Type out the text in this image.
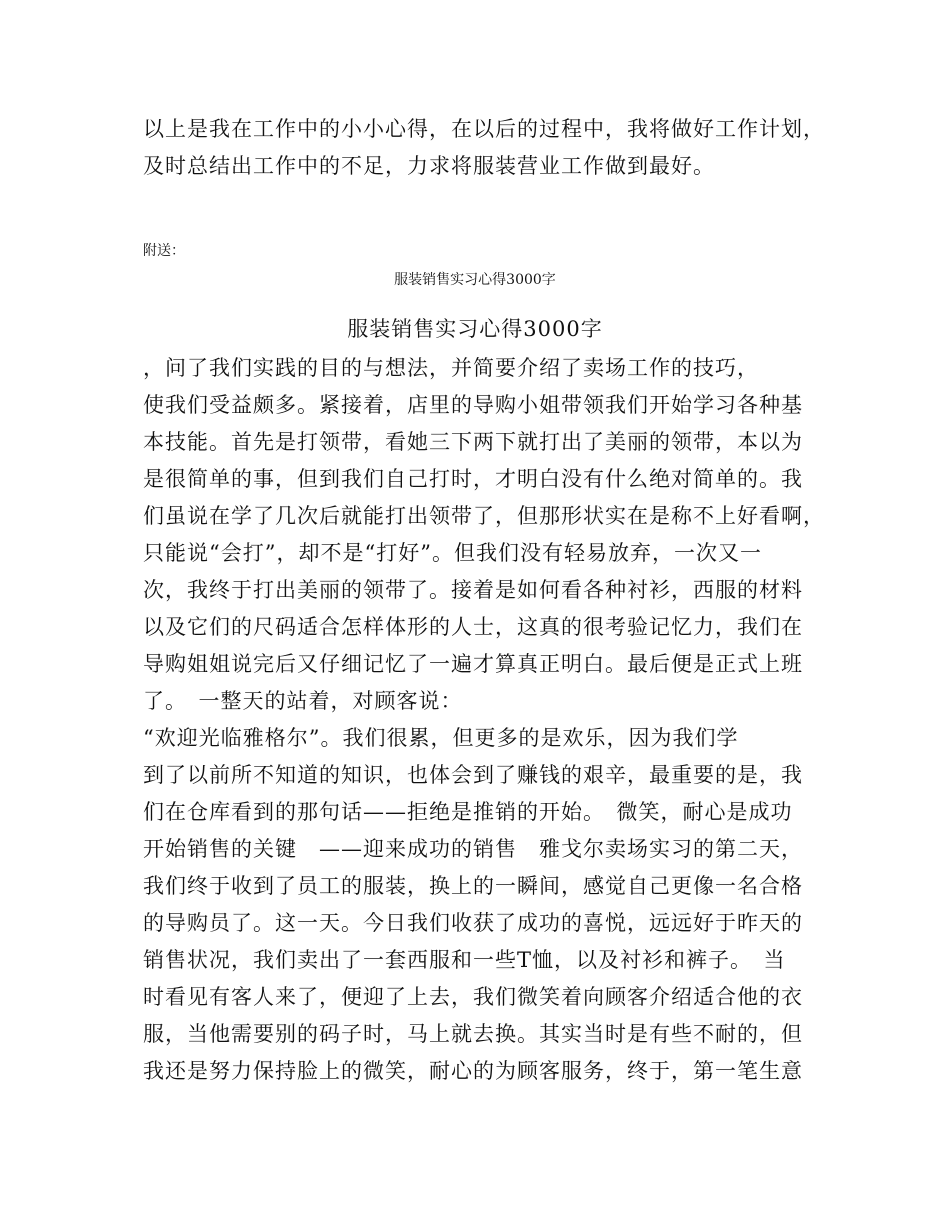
以上是我在工作中的小小心得，在以后的过程中，我将做好工作计划，
及时总结出工作中的不足，力求将服装营业工作做到最好。
附送：
服装销售实习心得3000字
服装销售实习心得3000字
，问了我们实践的目的与想法，并简要介绍了卖场工作的技巧，
使我们受益颇多。紧接着，店里的导购小姐带领我们开始学习各种基
本技能。首先是打领带，看她三下两下就打出了美丽的领带，本以为
是很简单的事，但到我们自己打时，才明白没有什么绝对简单的。我
们虽说在学了几次后就能打出领带了，但那形状实在是称不上好看啊，
只能说“会打”，却不是“打好”。但我们没有轻易放弃，一次又一
次，我终于打出美丽的领带了。接着是如何看各种衬衫，西服的材料
以及它们的尺码适合怎样体形的人士，这真的很考验记忆力，我们在
导购姐姐说完后又仔细记忆了一遍才算真正明白。最后便是正式上班
了。　一整天的站着，对顾客说：
“欢迎光临雅格尔”。我们很累，但更多的是欢乐，因为我们学
到了以前所不知道的知识，也体会到了赚钱的艰辛，最重要的是，我
们在仓库看到的那句话——拒绝是推销的开始。　微笑，耐心是成功
开始销售的关键　——迎来成功的销售　雅戈尔卖场实习的第二天，
我们终于收到了员工的服装，换上的一瞬间，感觉自己更像一名合格
的导购员了。这一天。今日我们收获了成功的喜悦，远远好于昨天的
销售状况，我们卖出了一套西服和一些T恤，以及衬衫和裤子。　当
时看见有客人来了，便迎了上去，我们微笑着向顾客介绍适合他的衣
服，当他需要别的码子时，马上就去换。其实当时是有些不耐的，但
我还是努力保持脸上的微笑，耐心的为顾客服务，终于，第一笔生意
